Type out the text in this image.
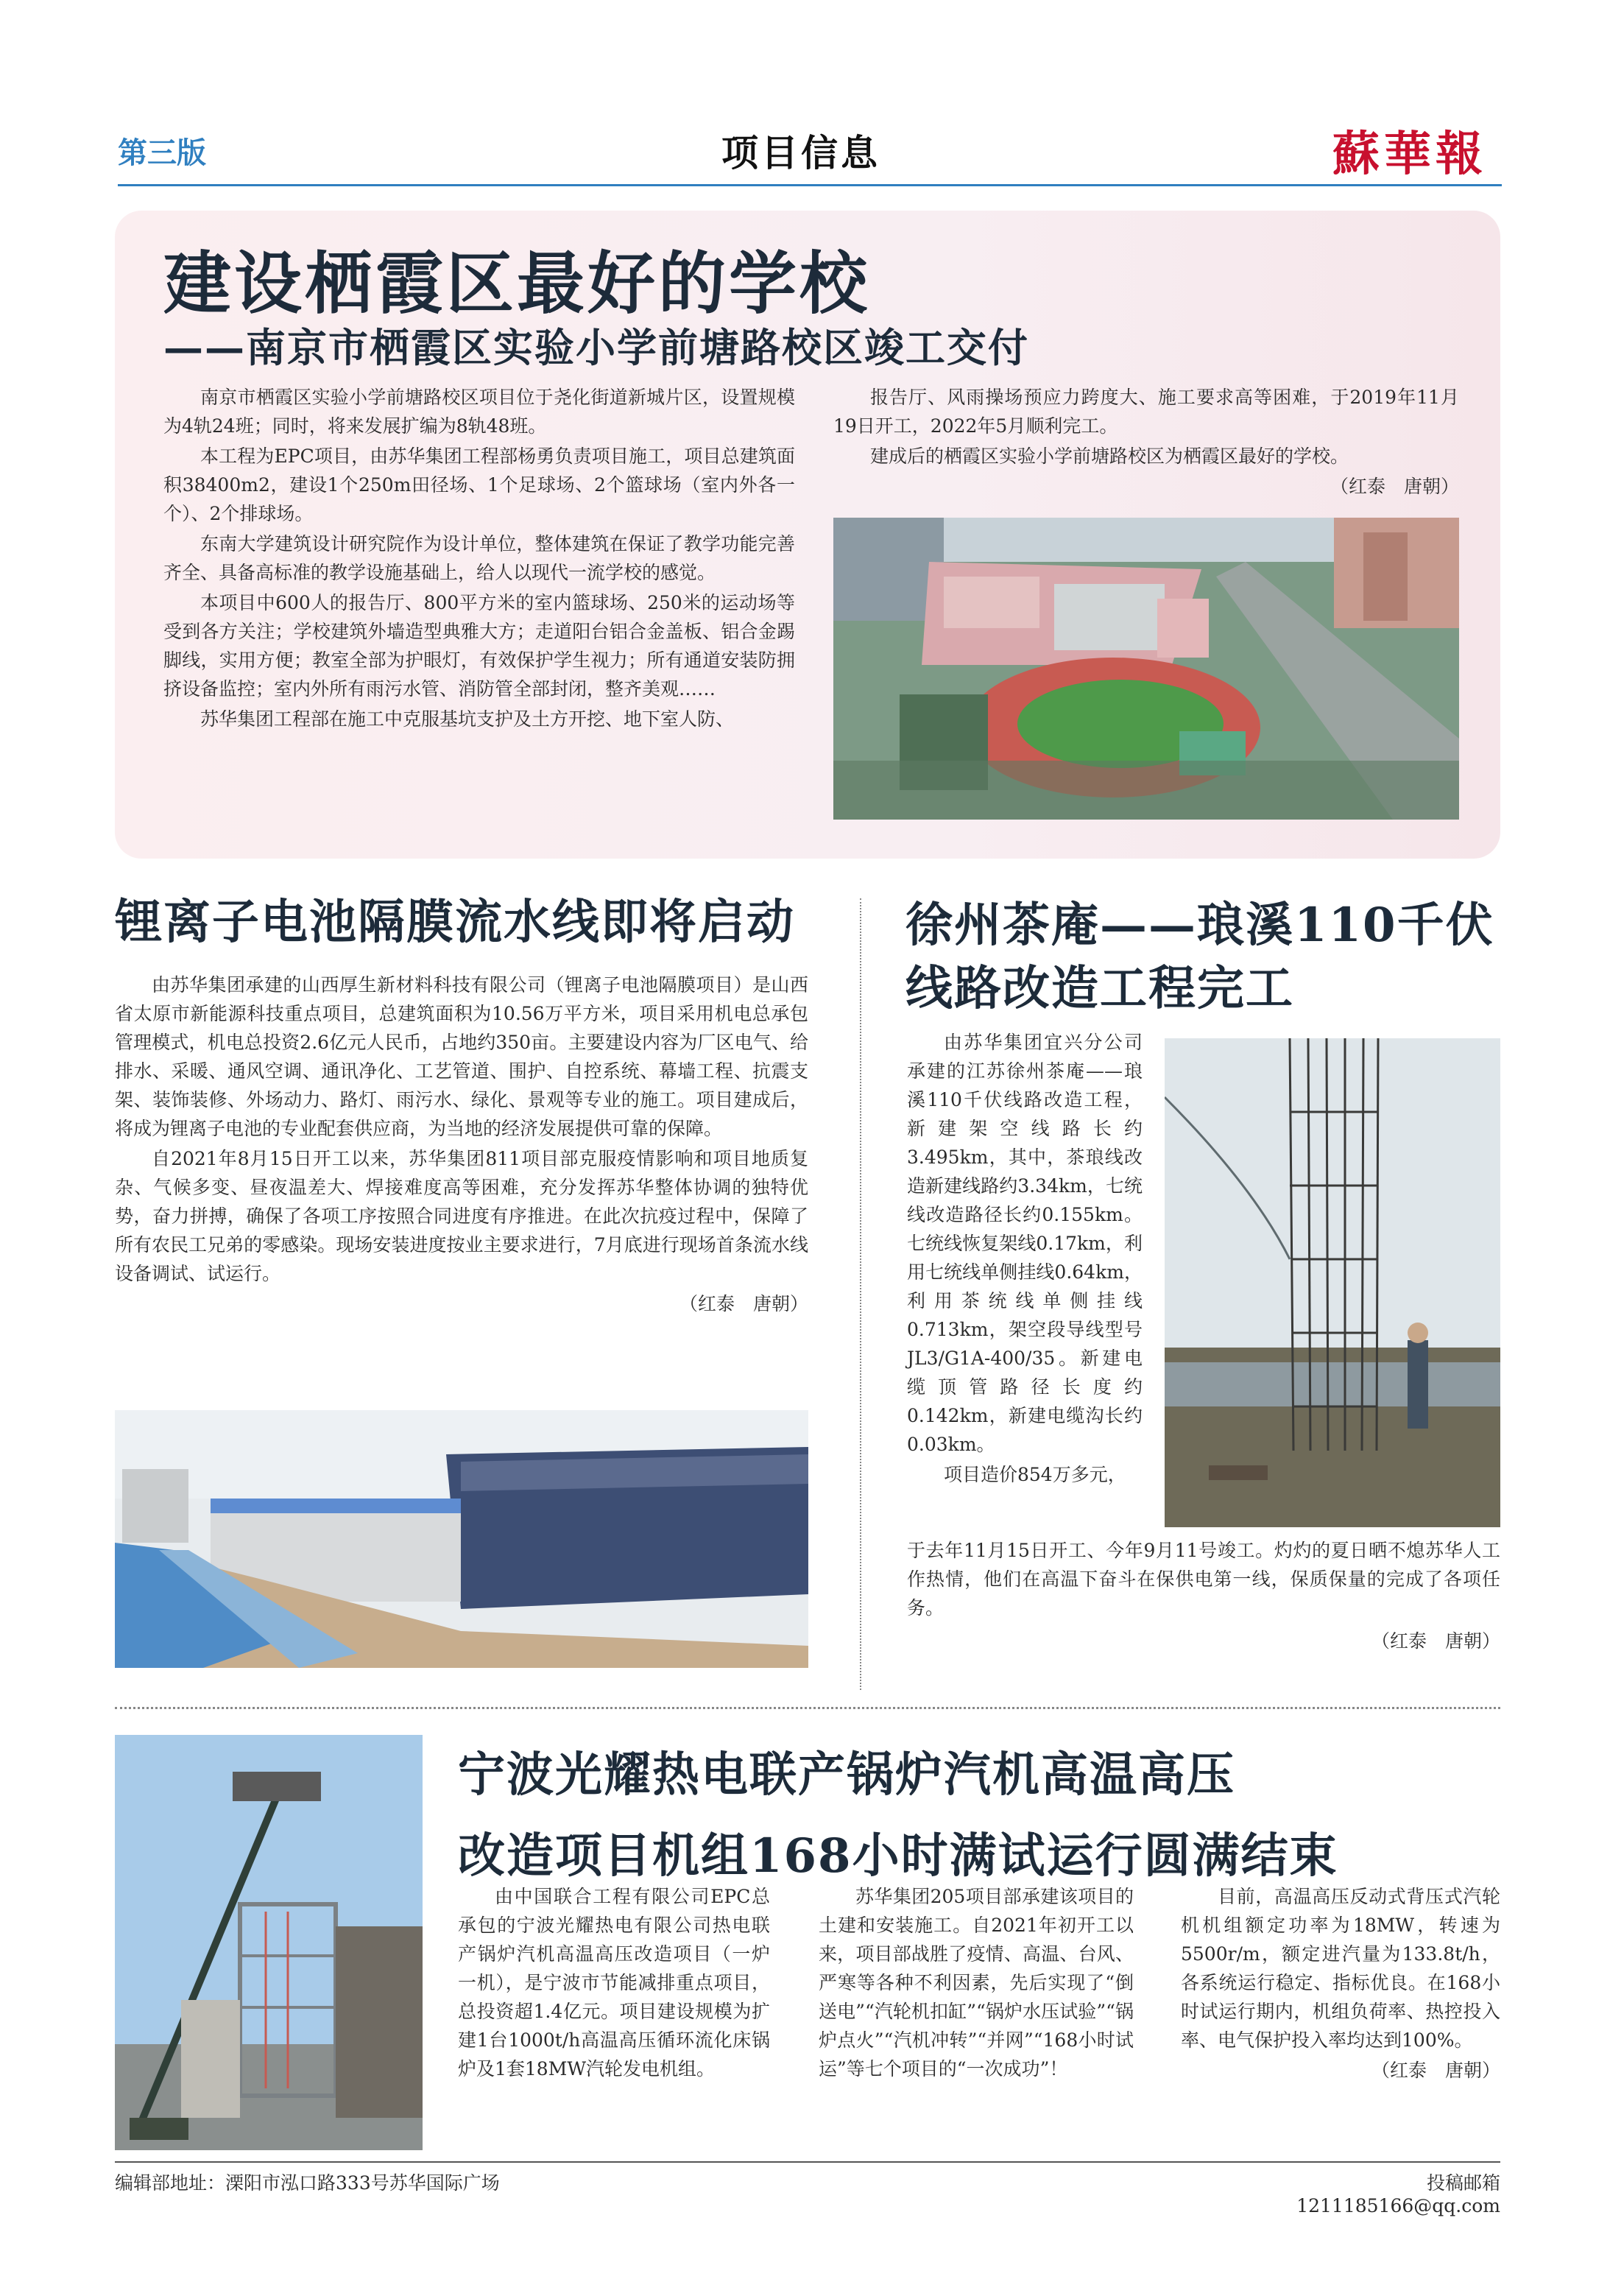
第三版	项目信息	蘇華報
建设栖霞区最好的学校
——南京市栖霞区实验小学前塘路校区竣工交付

南京市栖霞区实验小学前塘路校区项目位于尧化街道新城片区，设置规模为4轨24班；同时，将来发展扩编为8轨48班。

本工程为EPC项目，由苏华集团工程部杨勇负责项目施工，项目总建筑面积38400m2，建设1个250m田径场、1个足球场、2个篮球场（室内外各一个）、2个排球场。

东南大学建筑设计研究院作为设计单位，整体建筑在保证了教学功能完善齐全、具备高标准的教学设施基础上，给人以现代一流学校的感觉。

本项目中600人的报告厅、800平方米的室内篮球场、250米的运动场等受到各方关注；学校建筑外墙造型典雅大方；走道阳台铝合金盖板、铝合金踢脚线，实用方便；教室全部为护眼灯，有效保护学生视力；所有通道安装防拥挤设备监控；室内外所有雨污水管、消防管全部封闭，整齐美观……

苏华集团工程部在施工中克服基坑支护及土方开挖、地下室人防、

报告厅、风雨操场预应力跨度大、施工要求高等困难，于2019年11月19日开工，2022年5月顺利完工。

建成后的栖霞区实验小学前塘路校区为栖霞区最好的学校。

（红泰　唐朝）
锂离子电池隔膜流水线即将启动

由苏华集团承建的山西厚生新材料科技有限公司（锂离子电池隔膜项目）是山西省太原市新能源科技重点项目，总建筑面积为10.56万平方米，项目采用机电总承包管理模式，机电总投资2.6亿元人民币，占地约350亩。主要建设内容为厂区电气、给排水、采暖、通风空调、通讯净化、工艺管道、围护、自控系统、幕墙工程、抗震支架、装饰装修、外场动力、路灯、雨污水、绿化、景观等专业的施工。项目建成后，将成为锂离子电池的专业配套供应商，为当地的经济发展提供可靠的保障。

自2021年8月15日开工以来，苏华集团811项目部克服疫情影响和项目地质复杂、气候多变、昼夜温差大、焊接难度高等困难，充分发挥苏华整体协调的独特优势，奋力拼搏，确保了各项工序按照合同进度有序推进。在此次抗疫过程中，保障了所有农民工兄弟的零感染。现场安装进度按业主要求进行，7月底进行现场首条流水线设备调试、试运行。

（红泰　唐朝）
徐州茶庵——琅溪110千伏
线路改造工程完工

由苏华集团宜兴分公司承建的江苏徐州茶庵——琅溪110千伏线路改造工程，新建架空线路长约3.495km，其中，茶琅线改造新建线路约3.34km，七统线改造路径长约0.155km。七统线恢复架线0.17km，利用七统线单侧挂线0.64km，利用茶统线单侧挂线0.713km，架空段导线型号JL3/G1A-400/35。新建电缆顶管路径长度约0.142km，新建电缆沟长约0.03km。

项目造价854万多元，

于去年11月15日开工、今年9月11号竣工。灼灼的夏日晒不熄苏华人工作热情，他们在高温下奋斗在保供电第一线，保质保量的完成了各项任务。

（红泰　唐朝）
宁波光耀热电联产锅炉汽机高温高压
改造项目机组168小时满试运行圆满结束

由中国联合工程有限公司EPC总承包的宁波光耀热电有限公司热电联产锅炉汽机高温高压改造项目（一炉一机），是宁波市节能减排重点项目，总投资超1.4亿元。项目建设规模为扩建1台1000t/h高温高压循环流化床锅炉及1套18MW汽轮发电机组。

苏华集团205项目部承建该项目的土建和安装施工。自2021年初开工以来，项目部战胜了疫情、高温、台风、严寒等各种不利因素，先后实现了“倒送电”“汽轮机扣缸”“锅炉水压试验”“锅炉点火”“汽机冲转”“并网”“168小时试运”等七个项目的“一次成功”！

目前，高温高压反动式背压式汽轮机机组额定功率为18MW，转速为5500r/m，额定进汽量为133.8t/h，各系统运行稳定、指标优良。在168小时试运行期内，机组负荷率、热控投入率、电气保护投入率均达到100%。

（红泰　唐朝）
编辑部地址：溧阳市泓口路333号苏华国际广场	投稿邮箱 1211185166@qq.com
